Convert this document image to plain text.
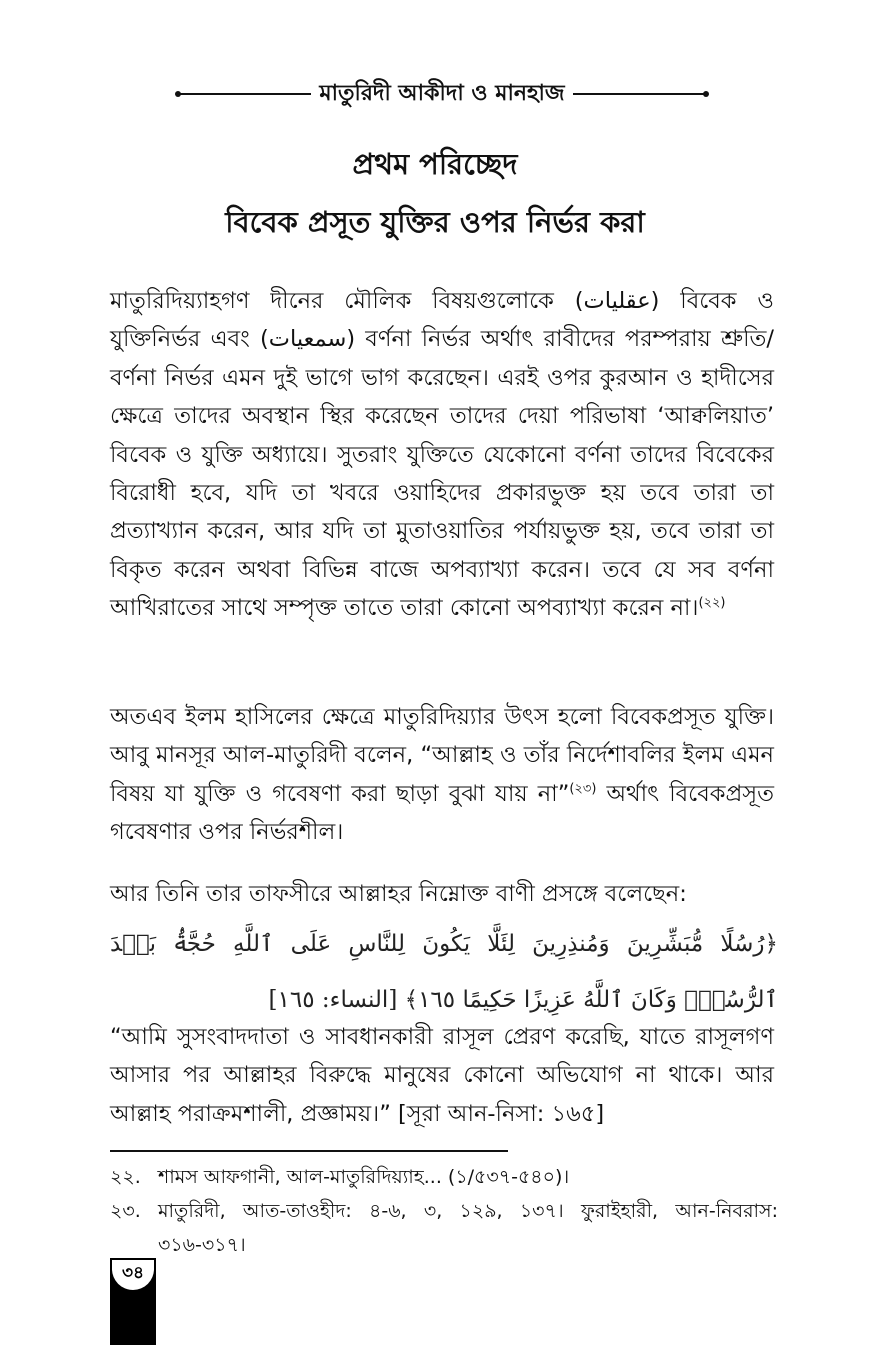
মাতুরিদী আকীদা ও মানহাজ
প্রথম পরিচ্ছেদ
বিবেক প্রসূত যুক্তির ওপর নির্ভর করা
মাতুরিদিয়্যাহগণ দীনের মৌলিক বিষয়গুলোকে (عقليات) বিবেক ও যুক্তিনির্ভর এবং (سمعيات) বর্ণনা নির্ভর অর্থাৎ রাবীদের পরম্পরায় শ্রুতি/ বর্ণনা নির্ভর এমন দুই ভাগে ভাগ করেছেন। এরই ওপর কুরআন ও হাদীসের ক্ষেত্রে তাদের অবস্থান স্থির করেছেন তাদের দেয়া পরিভাষা ‘আক্বলিয়াত’ বিবেক ও যুক্তি অধ্যায়ে। সুতরাং যুক্তিতে যেকোনো বর্ণনা তাদের বিবেকের বিরোধী হবে, যদি তা খবরে ওয়াহিদের প্রকারভুক্ত হয় তবে তারা তা প্রত্যাখ্যান করেন, আর যদি তা মুতাওয়াতির পর্যায়ভুক্ত হয়, তবে তারা তা বিকৃত করেন অথবা বিভিন্ন বাজে অপব্যাখ্যা করেন। তবে যে সব বর্ণনা আখিরাতের সাথে সম্পৃক্ত তাতে তারা কোনো অপব্যাখ্যা করেন না।$^{(২২)}$
অতএব ইলম হাসিলের ক্ষেত্রে মাতুরিদিয়্যার উৎস হলো বিবেকপ্রসূত যুক্তি। আবু মানসূর আল-মাতুরিদী বলেন, “আল্লাহ ও তাঁর নির্দেশাবলির ইলম এমন বিষয় যা যুক্তি ও গবেষণা করা ছাড়া বুঝা যায় না”$^{(২৩)}$ অর্থাৎ বিবেকপ্রসূত গবেষণার ওপর নির্ভরশীল।
আর তিনি তার তাফসীরে আল্লাহর নিম্নোক্ত বাণী প্রসঙ্গে বলেছেন:
﴿رُسُلًا مُّبَشِّرِينَ وَمُنذِرِينَ لِئَلَّا يَكُونَ لِلنَّاسِ عَلَى ٱللَّهِ حُجَّةُۢ بَعۡدَ ٱلرُّسُلِۚ وَكَانَ ٱللَّهُ عَزِيزًا حَكِيمًا ١٦٥﴾ [النساء: ١٦٥]
“আমি সুসংবাদদাতা ও সাবধানকারী রাসূল প্রেরণ করেছি, যাতে রাসূলগণ আসার পর আল্লাহর বিরুদ্ধে মানুষের কোনো অভিযোগ না থাকে। আর আল্লাহ পরাক্রমশালী, প্রজ্ঞাময়।” [সূরা আন-নিসা: ১৬৫]
২২. শামস আফগানী, আল-মাতুরিদিয়্যাহ... (১/৫৩৭-৫৪০)।
২৩. মাতুরিদী, আত-তাওহীদ: ৪-৬, ৩, ১২৯, ১৩৭। ফুরাইহারী, আন-নিবরাস: ৩১৬-৩১৭।
৩৪
